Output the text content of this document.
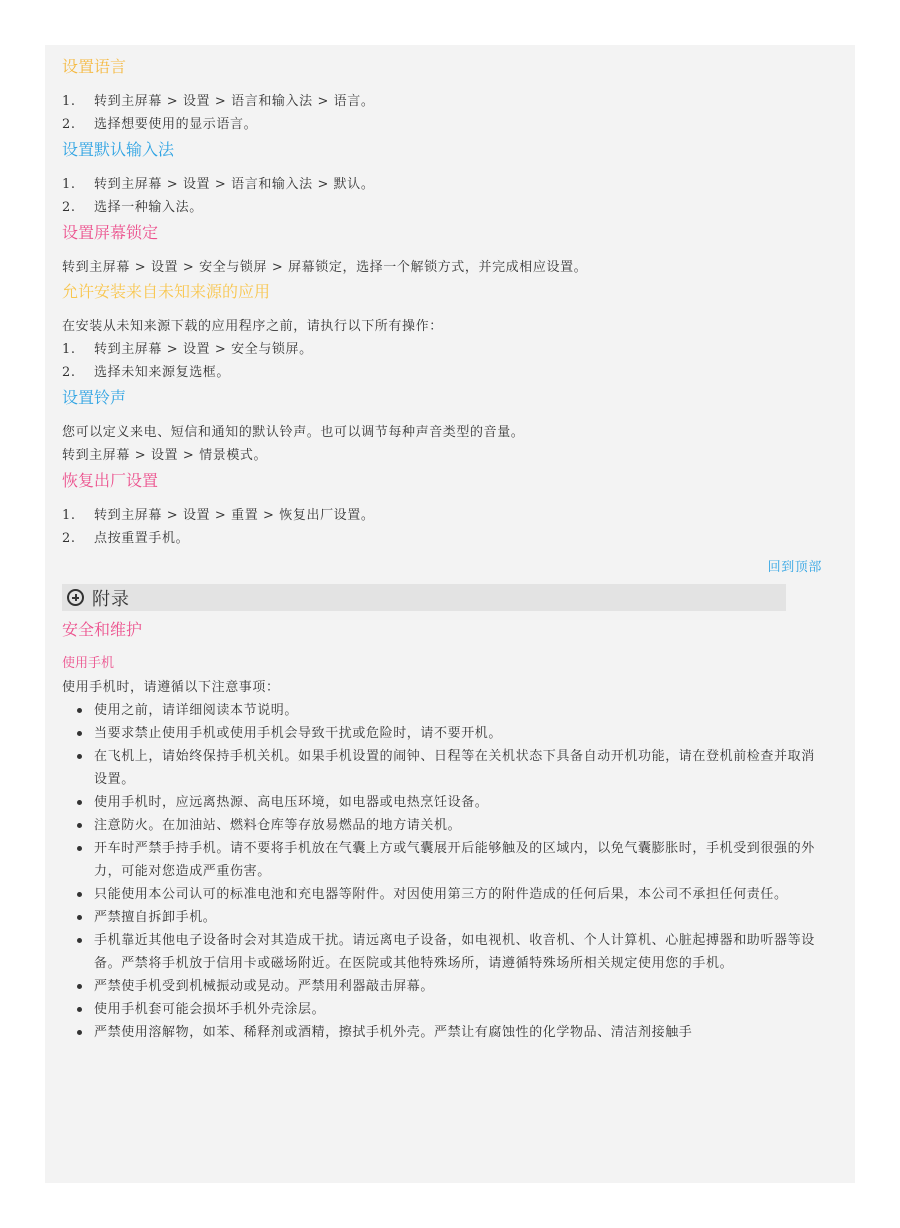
设置语言
1. 转到主屏幕 > 设置 > 语言和输入法 > 语言。
2. 选择想要使用的显示语言。
设置默认输入法
1. 转到主屏幕 > 设置 > 语言和输入法 > 默认。
2. 选择一种输入法。
设置屏幕锁定

转到主屏幕 > 设置 > 安全与锁屏 > 屏幕锁定，选择一个解锁方式，并完成相应设置。

允许安装来自未知来源的应用

在安装从未知来源下载的应用程序之前，请执行以下所有操作：

1. 转到主屏幕 > 设置 > 安全与锁屏。
2. 选择未知来源复选框。
设置铃声

您可以定义来电、短信和通知的默认铃声。也可以调节每种声音类型的音量。

转到主屏幕 > 设置 > 情景模式。

恢复出厂设置
1. 转到主屏幕 > 设置 > 重置 > 恢复出厂设置。
2. 点按重置手机。
回到顶部
附录
安全和维护

使用手机

使用手机时，请遵循以下注意事项：

使用之前，请详细阅读本节说明。
当要求禁止使用手机或使用手机会导致干扰或危险时，请不要开机。
在飞机上，请始终保持手机关机。如果手机设置的闹钟、日程等在关机状态下具备自动开机功能，请在登机前检查并取消设置。
使用手机时，应远离热源、高电压环境，如电器或电热烹饪设备。
注意防火。在加油站、燃料仓库等存放易燃品的地方请关机。
开车时严禁手持手机。请不要将手机放在气囊上方或气囊展开后能够触及的区域内，以免气囊膨胀时，手机受到很强的外力，可能对您造成严重伤害。
只能使用本公司认可的标准电池和充电器等附件。对因使用第三方的附件造成的任何后果，本公司不承担任何责任。
严禁擅自拆卸手机。
手机靠近其他电子设备时会对其造成干扰。请远离电子设备，如电视机、收音机、个人计算机、心脏起搏器和助听器等设备。严禁将手机放于信用卡或磁场附近。在医院或其他特殊场所，请遵循特殊场所相关规定使用您的手机。
严禁使手机受到机械振动或晃动。严禁用利器敲击屏幕。
使用手机套可能会损坏手机外壳涂层。
严禁使用溶解物，如苯、稀释剂或酒精，擦拭手机外壳。严禁让有腐蚀性的化学物品、清洁剂接触手
